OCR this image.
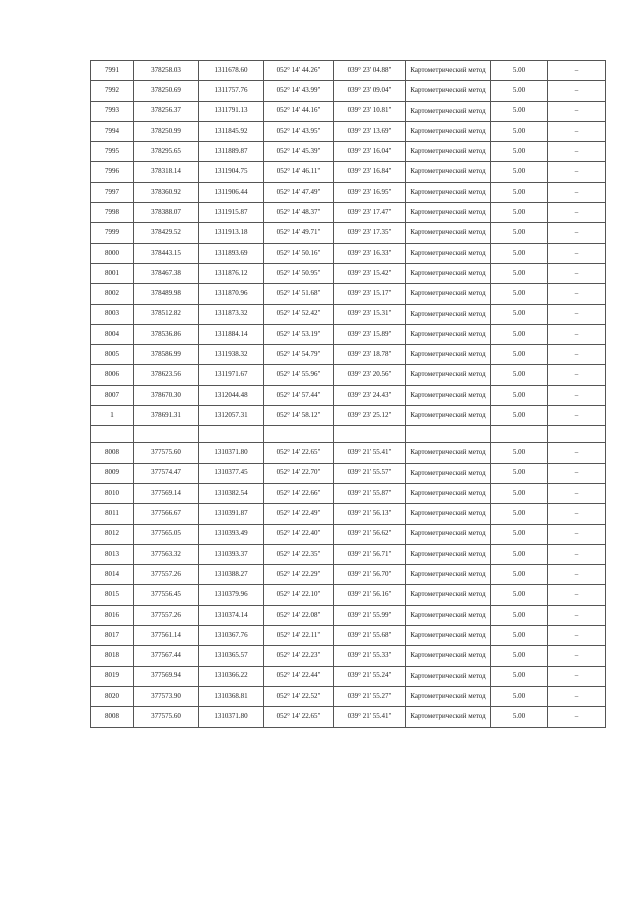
7991	378258.03	1311678.60	052° 14' 44.26"	039° 23' 04.88"	Картометрический метод	5.00	–
7992	378250.69	1311757.76	052° 14' 43.99"	039° 23' 09.04"	Картометрический метод	5.00	–
7993	378256.37	1311791.13	052° 14' 44.16"	039° 23' 10.81"	Картометрический метод	5.00	–
7994	378250.99	1311845.92	052° 14' 43.95"	039° 23' 13.69"	Картометрический метод	5.00	–
7995	378295.65	1311889.87	052° 14' 45.39"	039° 23' 16.04"	Картометрический метод	5.00	–
7996	378318.14	1311904.75	052° 14' 46.11"	039° 23' 16.84"	Картометрический метод	5.00	–
7997	378360.92	1311906.44	052° 14' 47.49"	039° 23' 16.95"	Картометрический метод	5.00	–
7998	378388.07	1311915.87	052° 14' 48.37"	039° 23' 17.47"	Картометрический метод	5.00	–
7999	378429.52	1311913.18	052° 14' 49.71"	039° 23' 17.35"	Картометрический метод	5.00	–
8000	378443.15	1311893.69	052° 14' 50.16"	039° 23' 16.33"	Картометрический метод	5.00	–
8001	378467.38	1311876.12	052° 14' 50.95"	039° 23' 15.42"	Картометрический метод	5.00	–
8002	378489.98	1311870.96	052° 14' 51.68"	039° 23' 15.17"	Картометрический метод	5.00	–
8003	378512.82	1311873.32	052° 14' 52.42"	039° 23' 15.31"	Картометрический метод	5.00	–
8004	378536.86	1311884.14	052° 14' 53.19"	039° 23' 15.89"	Картометрический метод	5.00	–
8005	378586.99	1311938.32	052° 14' 54.79"	039° 23' 18.78"	Картометрический метод	5.00	–
8006	378623.56	1311971.67	052° 14' 55.96"	039° 23' 20.56"	Картометрический метод	5.00	–
8007	378670.30	1312044.48	052° 14' 57.44"	039° 23' 24.43"	Картометрический метод	5.00	–
1	378691.31	1312057.31	052° 14' 58.12"	039° 23' 25.12"	Картометрический метод	5.00	–

8008	377575.60	1310371.80	052° 14' 22.65"	039° 21' 55.41"	Картометрический метод	5.00	–
8009	377574.47	1310377.45	052° 14' 22.70"	039° 21' 55.57"	Картометрический метод	5.00	–
8010	377569.14	1310382.54	052° 14' 22.66"	039° 21' 55.87"	Картометрический метод	5.00	–
8011	377566.67	1310391.87	052° 14' 22.49"	039° 21' 56.13"	Картометрический метод	5.00	–
8012	377565.05	1310393.49	052° 14' 22.40"	039° 21' 56.62"	Картометрический метод	5.00	–
8013	377563.32	1310393.37	052° 14' 22.35"	039° 21' 56.71"	Картометрический метод	5.00	–
8014	377557.26	1310388.27	052° 14' 22.29"	039° 21' 56.70"	Картометрический метод	5.00	–
8015	377556.45	1310379.96	052° 14' 22.10"	039° 21' 56.16"	Картометрический метод	5.00	–
8016	377557.26	1310374.14	052° 14' 22.08"	039° 21' 55.99"	Картометрический метод	5.00	–
8017	377561.14	1310367.76	052° 14' 22.11"	039° 21' 55.68"	Картометрический метод	5.00	–
8018	377567.44	1310365.57	052° 14' 22.23"	039° 21' 55.33"	Картометрический метод	5.00	–
8019	377569.94	1310366.22	052° 14' 22.44"	039° 21' 55.24"	Картометрический метод	5.00	–
8020	377573.90	1310368.81	052° 14' 22.52"	039° 21' 55.27"	Картометрический метод	5.00	–
8008	377575.60	1310371.80	052° 14' 22.65"	039° 21' 55.41"	Картометрический метод	5.00	–
